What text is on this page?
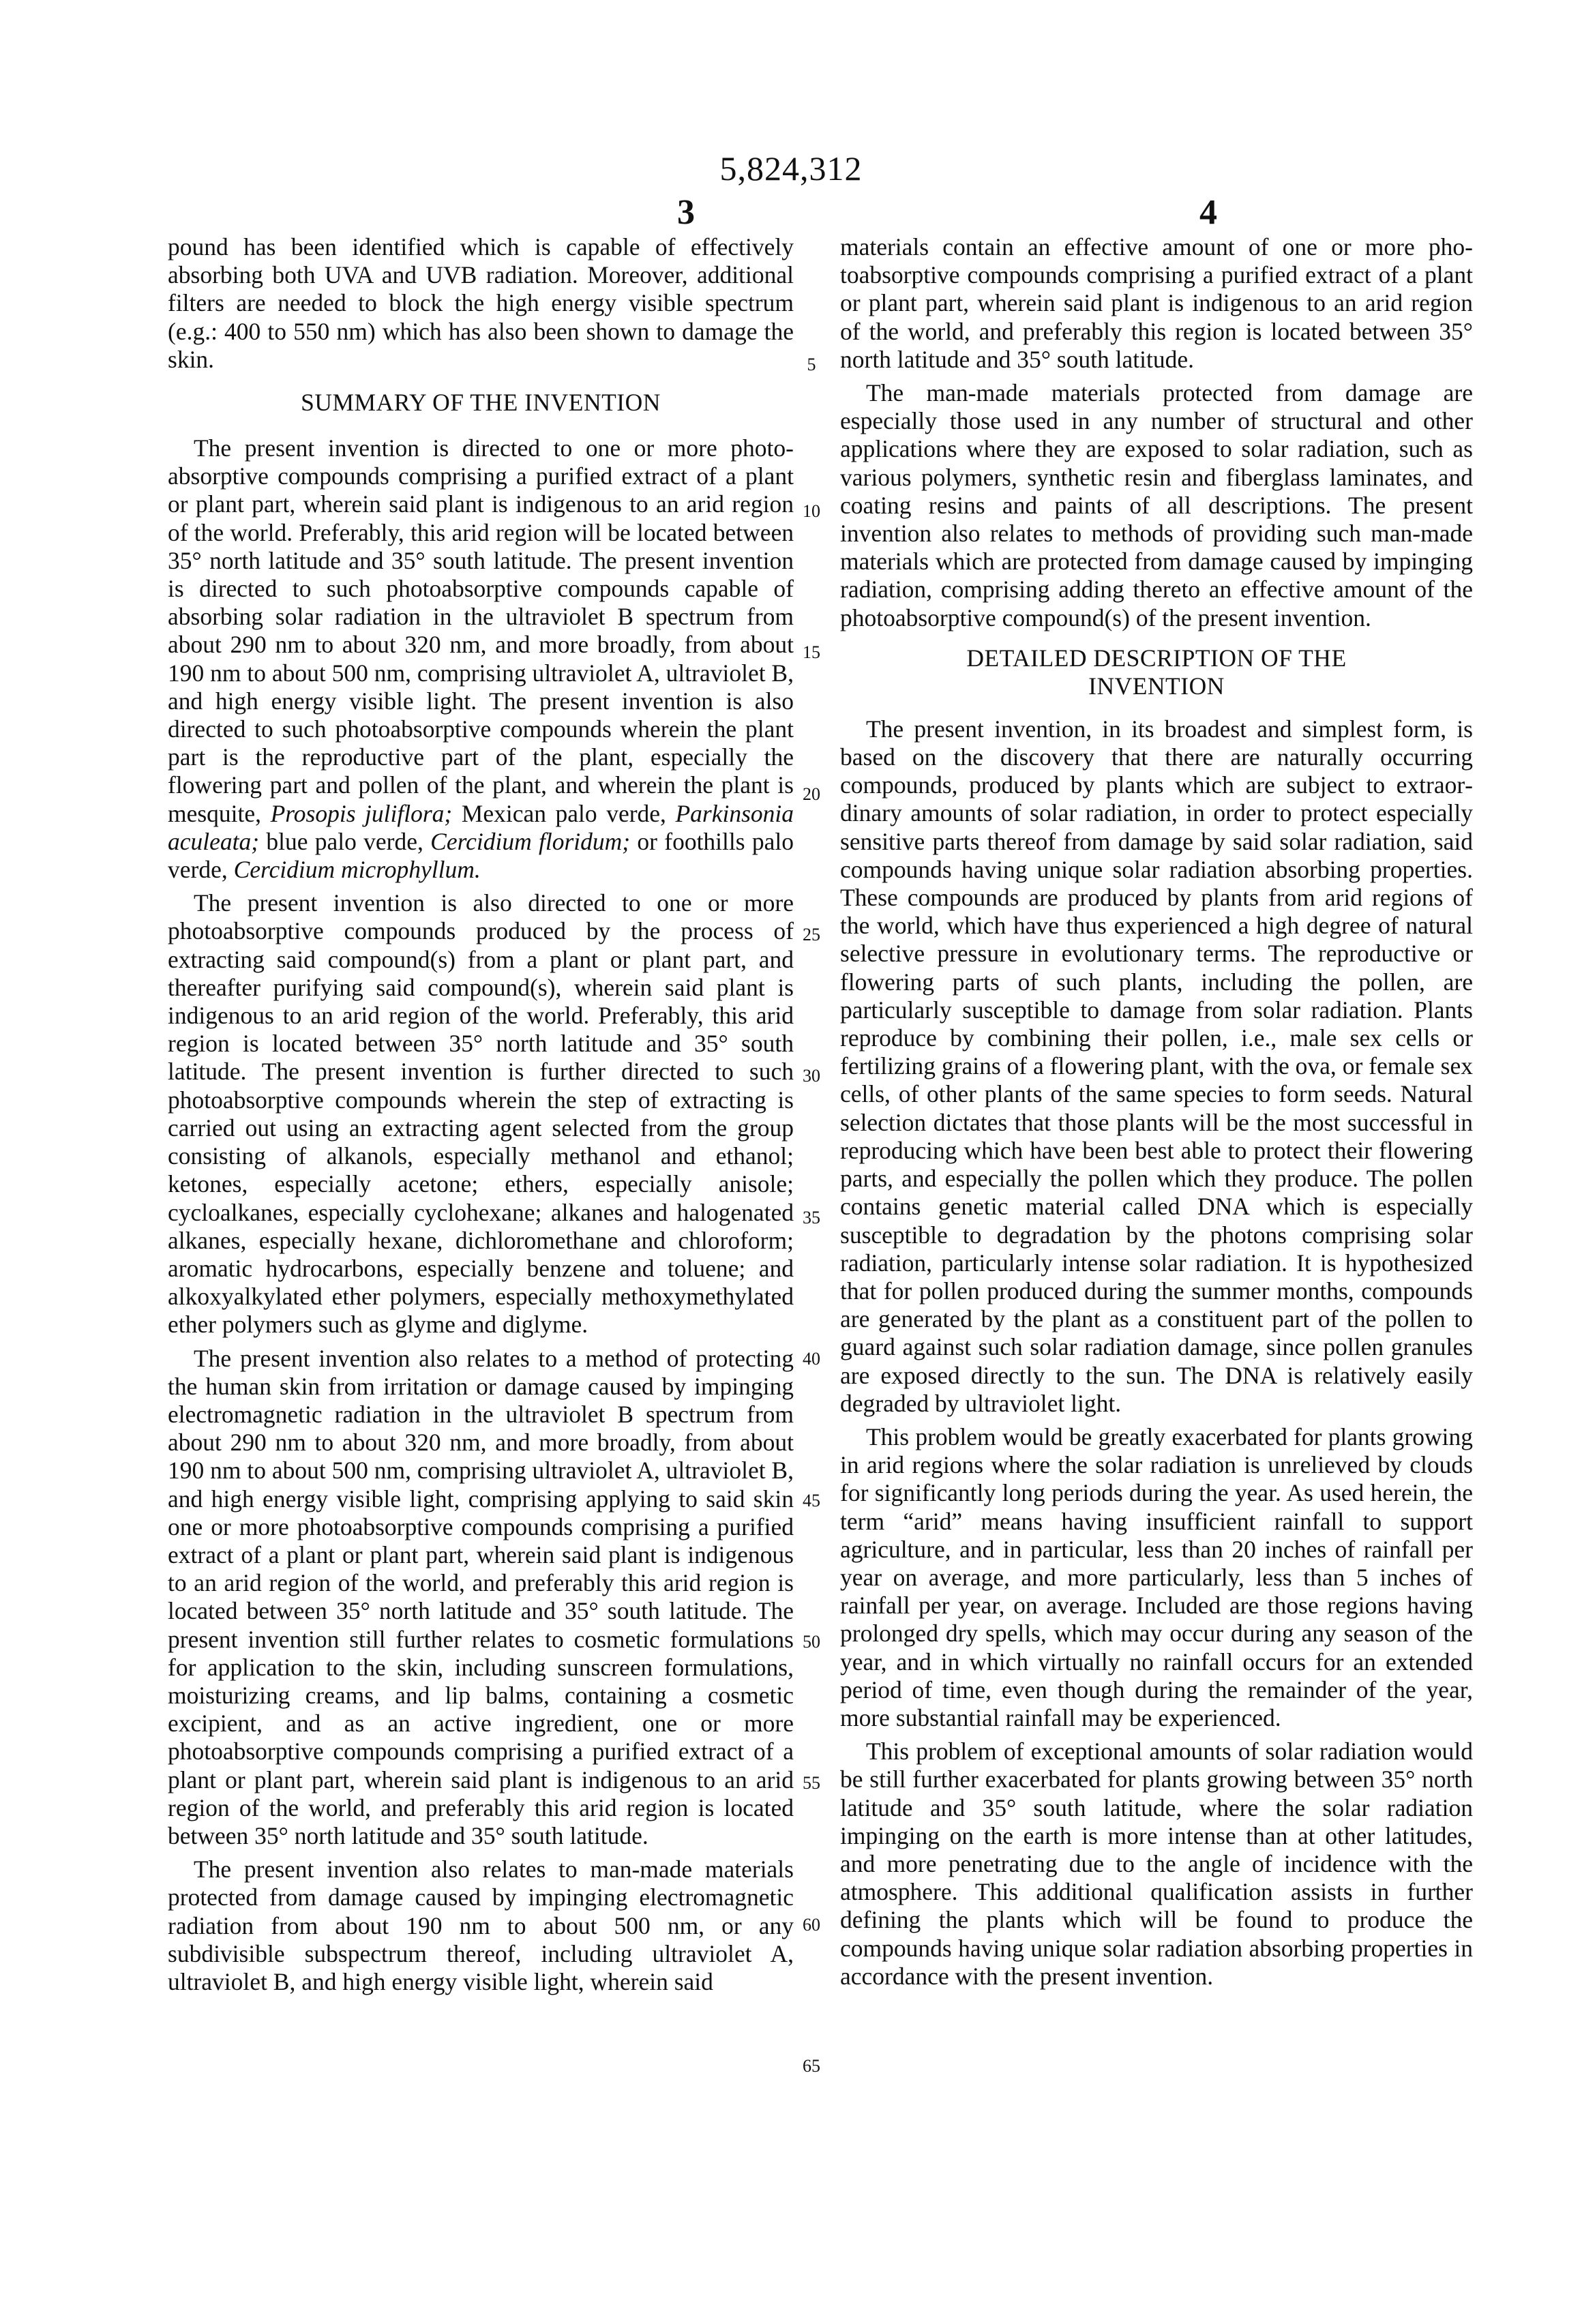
5,824,312
3	4

pound has been identified which is capable of effectively absorbing both UVA and UVB radiation. Moreover, additional filters are needed to block the high energy visible spectrum (e.g.: 400 to 550 nm) which has also been shown to damage the skin.

SUMMARY OF THE INVENTION

The present invention is directed to one or more photo-absorptive compounds comprising a purified extract of a plant or plant part, wherein said plant is indigenous to an arid region of the world. Preferably, this arid region will be located between 35° north latitude and 35° south latitude. The present invention is directed to such photoabsorptive compounds capable of absorbing solar radiation in the ultraviolet B spectrum from about 290 nm to about 320 nm, and more broadly, from about 190 nm to about 500 nm, comprising ultraviolet A, ultraviolet B, and high energy visible light. The present invention is also directed to such photoabsorptive compounds wherein the plant part is the reproductive part of the plant, especially the flowering part and pollen of the plant, and wherein the plant is mesquite, Prosopis juliflora; Mexican palo verde, Parkinsonia aculeata; blue palo verde, Cercidium floridum; or foothills palo verde, Cercidium microphyllum.

The present invention is also directed to one or more photoabsorptive compounds produced by the process of extracting said compound(s) from a plant or plant part, and thereafter purifying said compound(s), wherein said plant is indigenous to an arid region of the world. Preferably, this arid region is located between 35° north latitude and 35° south latitude. The present invention is further directed to such photoabsorptive compounds wherein the step of extracting is carried out using an extracting agent selected from the group consisting of alkanols, especially methanol and ethanol; ketones, especially acetone; ethers, especially anisole; cycloalkanes, especially cyclohexane; alkanes and halogenated alkanes, especially hexane, dichloromethane and chloroform; aromatic hydrocarbons, especially benzene and toluene; and alkoxyalkylated ether polymers, especially methoxymethylated ether polymers such as glyme and diglyme.

The present invention also relates to a method of protecting the human skin from irritation or damage caused by impinging electromagnetic radiation in the ultraviolet B spectrum from about 290 nm to about 320 nm, and more broadly, from about 190 nm to about 500 nm, comprising ultraviolet A, ultraviolet B, and high energy visible light, comprising applying to said skin one or more photoabsorptive compounds comprising a purified extract of a plant or plant part, wherein said plant is indigenous to an arid region of the world, and preferably this arid region is located between 35° north latitude and 35° south latitude. The present invention still further relates to cosmetic formulations for application to the skin, including sunscreen formulations, moisturizing creams, and lip balms, containing a cosmetic excipient, and as an active ingredient, one or more photoabsorptive compounds comprising a purified extract of a plant or plant part, wherein said plant is indigenous to an arid region of the world, and preferably this arid region is located between 35° north latitude and 35° south latitude.

The present invention also relates to man-made materials protected from damage caused by impinging electromagnetic radiation from about 190 nm to about 500 nm, or any subdivisible subspectrum thereof, including ultraviolet A, ultraviolet B, and high energy visible light, wherein said

5
10
15
20
25
30
35
40
45
50
55
60
65

materials contain an effective amount of one or more photoabsorptive compounds comprising a purified extract of a plant or plant part, wherein said plant is indigenous to an arid region of the world, and preferably this region is located between 35° north latitude and 35° south latitude.

The man-made materials protected from damage are especially those used in any number of structural and other applications where they are exposed to solar radiation, such as various polymers, synthetic resin and fiberglass laminates, and coating resins and paints of all descriptions. The present invention also relates to methods of providing such man-made materials which are protected from damage caused by impinging radiation, comprising adding thereto an effective amount of the photoabsorptive compound(s) of the present invention.

DETAILED DESCRIPTION OF THE
INVENTION

The present invention, in its broadest and simplest form, is based on the discovery that there are naturally occurring compounds, produced by plants which are subject to extraordinary amounts of solar radiation, in order to protect especially sensitive parts thereof from damage by said solar radiation, said compounds having unique solar radiation absorbing properties. These compounds are produced by plants from arid regions of the world, which have thus experienced a high degree of natural selective pressure in evolutionary terms. The reproductive or flowering parts of such plants, including the pollen, are particularly susceptible to damage from solar radiation. Plants reproduce by combining their pollen, i.e., male sex cells or fertilizing grains of a flowering plant, with the ova, or female sex cells, of other plants of the same species to form seeds. Natural selection dictates that those plants will be the most successful in reproducing which have been best able to protect their flowering parts, and especially the pollen which they produce. The pollen contains genetic material called DNA which is especially susceptible to degradation by the photons comprising solar radiation, particularly intense solar radiation. It is hypothesized that for pollen produced during the summer months, compounds are generated by the plant as a constituent part of the pollen to guard against such solar radiation damage, since pollen granules are exposed directly to the sun. The DNA is relatively easily degraded by ultraviolet light.

This problem would be greatly exacerbated for plants growing in arid regions where the solar radiation is unrelieved by clouds for significantly long periods during the year. As used herein, the term “arid” means having insufficient rainfall to support agriculture, and in particular, less than 20 inches of rainfall per year on average, and more particularly, less than 5 inches of rainfall per year, on average. Included are those regions having prolonged dry spells, which may occur during any season of the year, and in which virtually no rainfall occurs for an extended period of time, even though during the remainder of the year, more substantial rainfall may be experienced.

This problem of exceptional amounts of solar radiation would be still further exacerbated for plants growing between 35° north latitude and 35° south latitude, where the solar radiation impinging on the earth is more intense than at other latitudes, and more penetrating due to the angle of incidence with the atmosphere. This additional qualification assists in further defining the plants which will be found to produce the compounds having unique solar radiation absorbing properties in accordance with the present invention.
